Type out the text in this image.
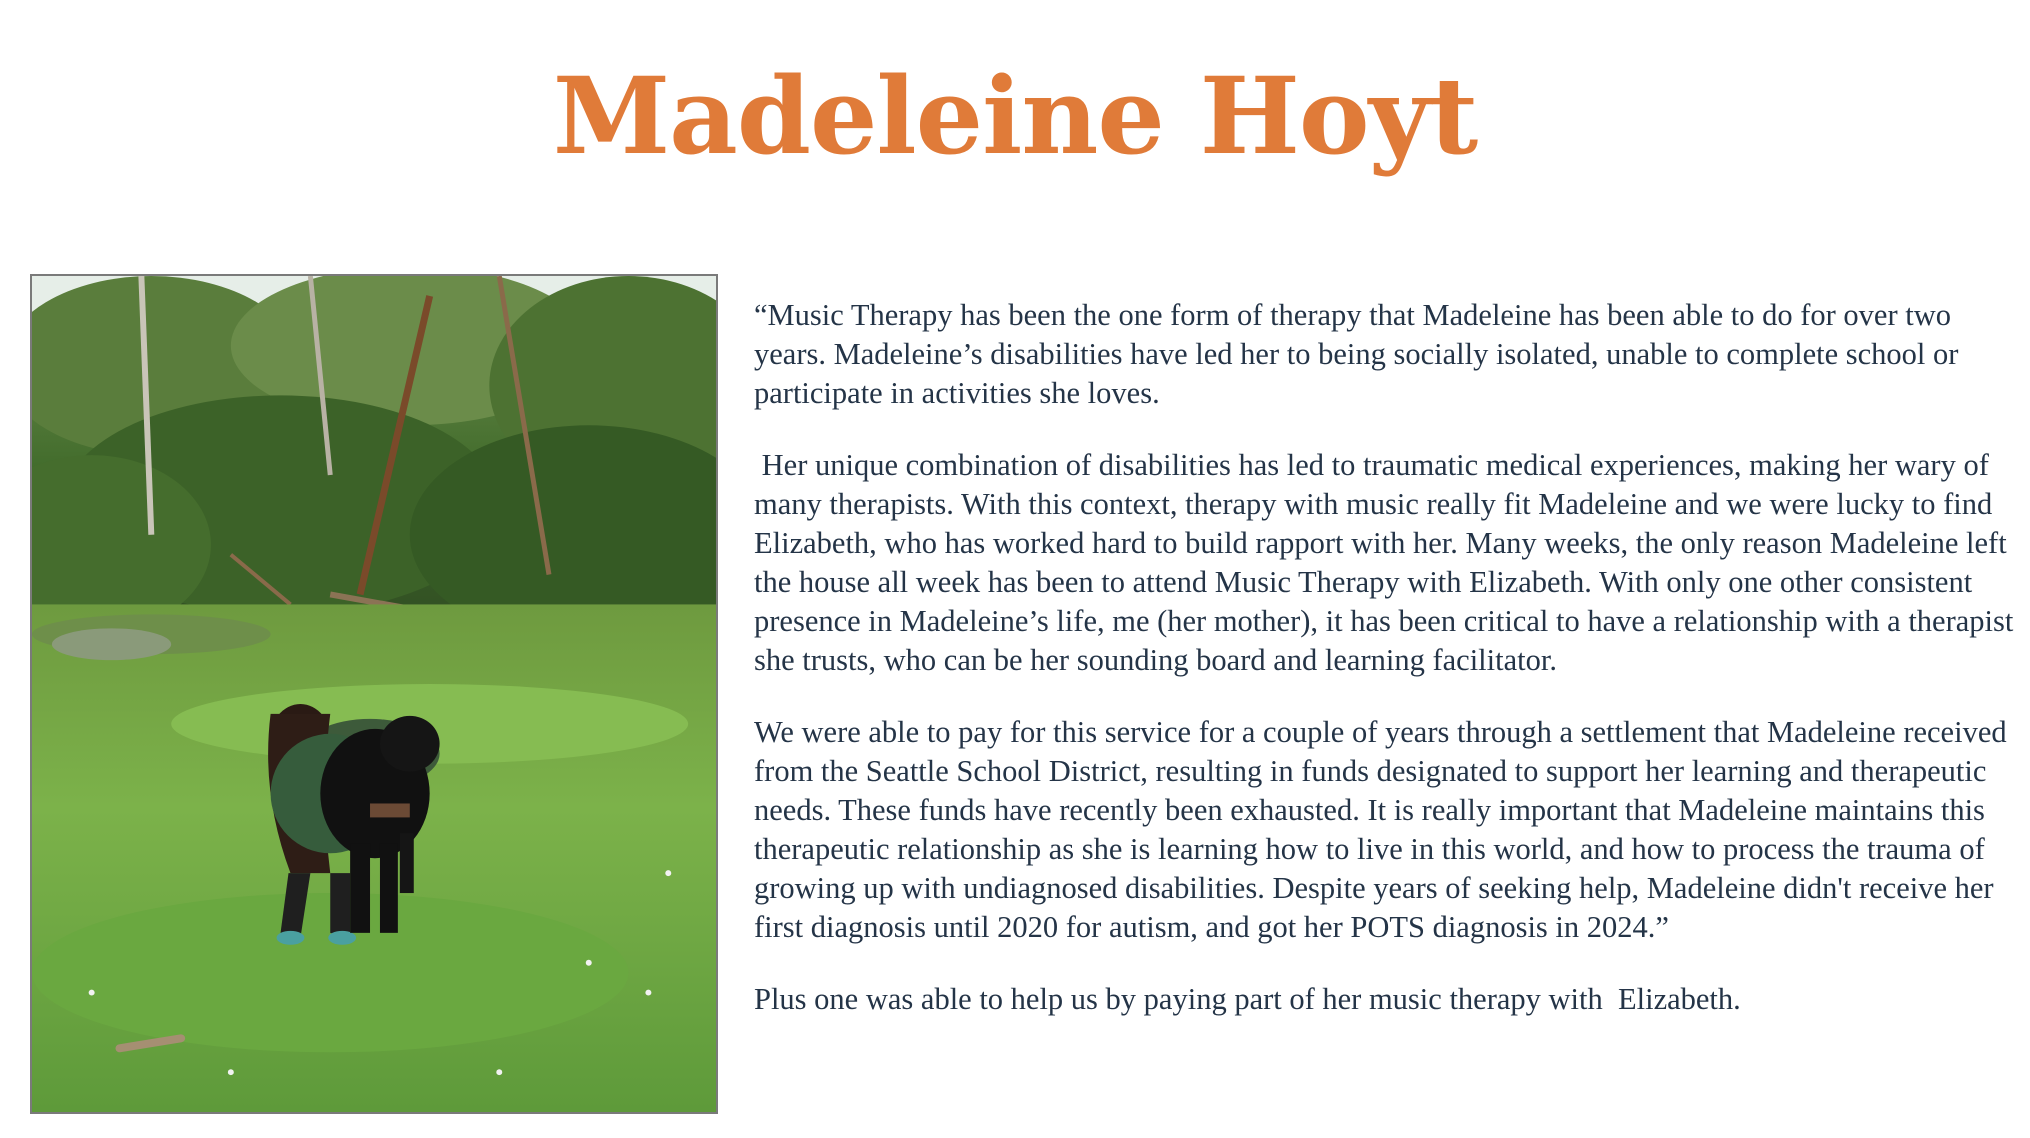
Madeleine Hoyt

“Music Therapy has been the one form of therapy that Madeleine has been able to do for over two years. Madeleine’s disabilities have led her to being socially isolated, unable to complete school or participate in activities she loves.

Her unique combination of disabilities has led to traumatic medical experiences, making her wary of many therapists. With this context, therapy with music really fit Madeleine and we were lucky to find Elizabeth, who has worked hard to build rapport with her. Many weeks, the only reason Madeleine left the house all week has been to attend Music Therapy with Elizabeth. With only one other consistent presence in Madeleine’s life, me (her mother), it has been critical to have a relationship with a therapist she trusts, who can be her sounding board and learning facilitator.

We were able to pay for this service for a couple of years through a settlement that Madeleine received from the Seattle School District, resulting in funds designated to support her learning and therapeutic needs. These funds have recently been exhausted. It is really important that Madeleine maintains this therapeutic relationship as she is learning how to live in this world, and how to process the trauma of growing up with undiagnosed disabilities. Despite years of seeking help, Madeleine didn't receive her first diagnosis until 2020 for autism, and got her POTS diagnosis in 2024.”

Plus one was able to help us by paying part of her music therapy with  Elizabeth.
